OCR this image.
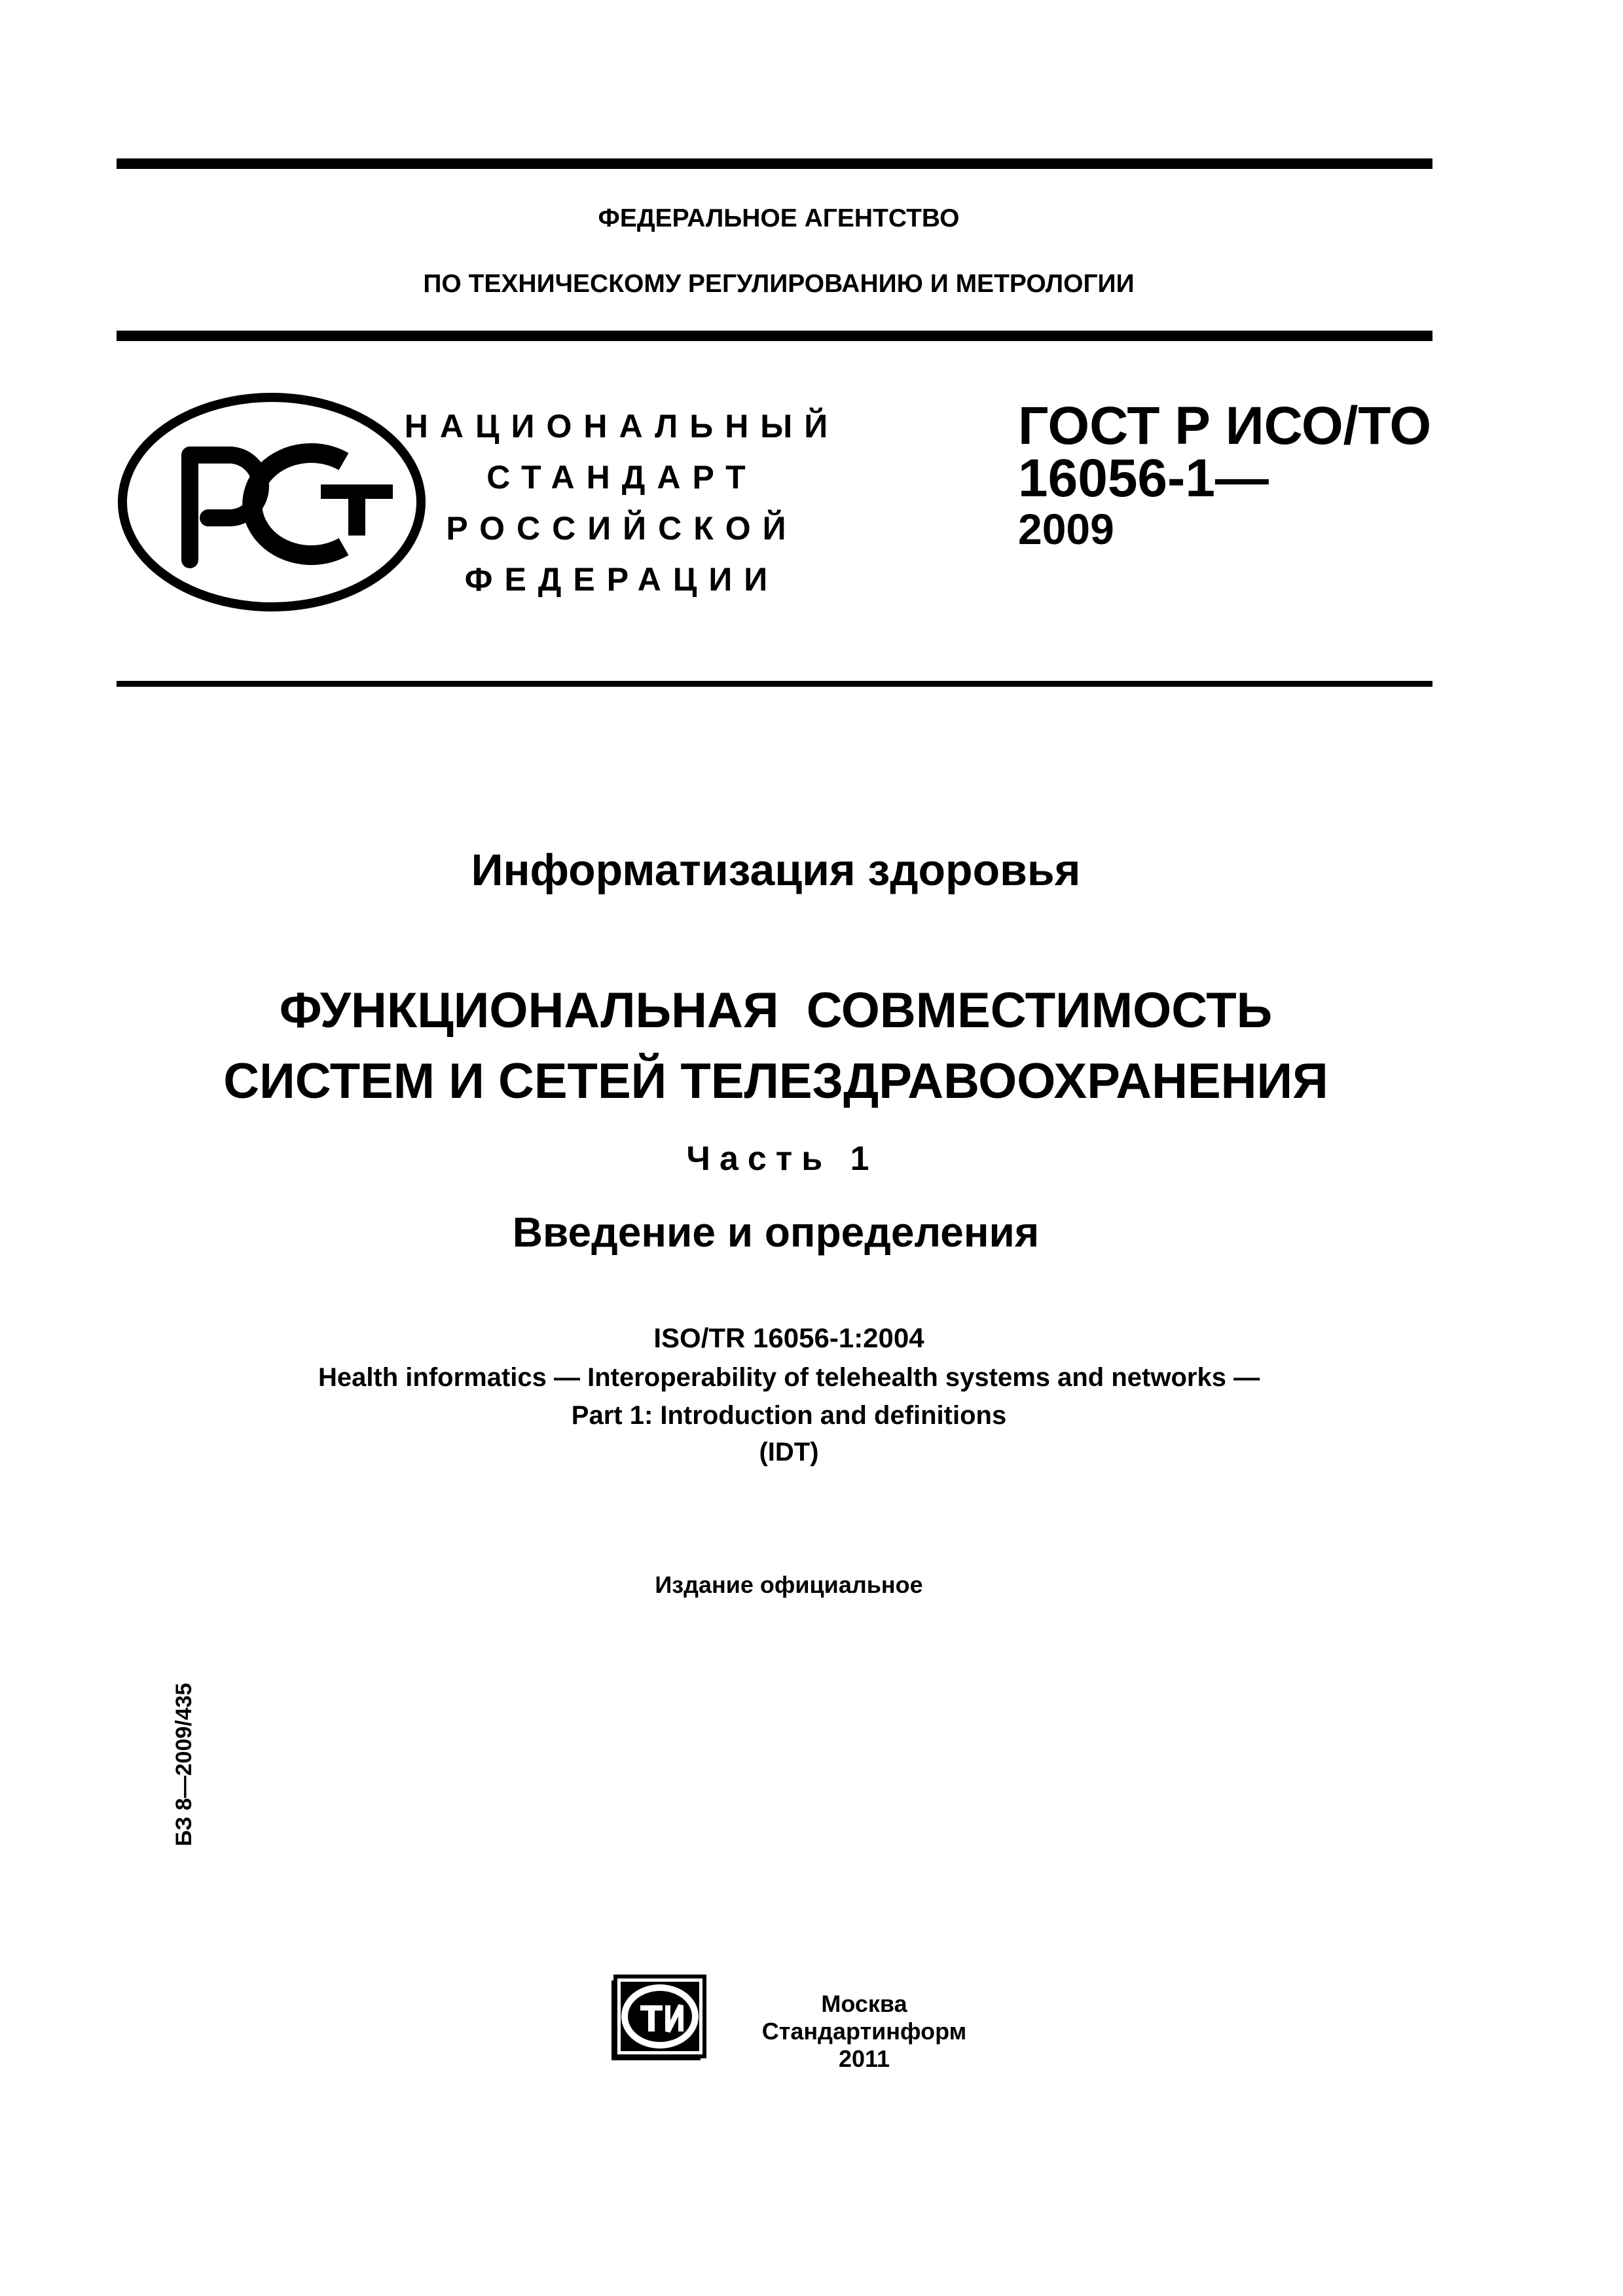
ФЕДЕРАЛЬНОЕ АГЕНТСТВО
ПО ТЕХНИЧЕСКОМУ РЕГУЛИРОВАНИЮ И МЕТРОЛОГИИ
НАЦИОНАЛЬНЫЙ
СТАНДАРТ
РОССИЙСКОЙ
ФЕДЕРАЦИИ
ГОСТ Р ИСО/ТО
16056-1—
2009
Информатизация здоровья
ФУНКЦИОНАЛЬНАЯ  СОВМЕСТИМОСТЬ
СИСТЕМ И СЕТЕЙ ТЕЛЕЗДРАВООХРАНЕНИЯ
Часть 1
Введение и определения
ISO/TR 16056-1:2004
Health informatics — Interoperability of telehealth systems and networks —
Part 1: Introduction and definitions
(IDT)
Издание официальное
БЗ 8—2009/435
Москва
Стандартинформ
2011
